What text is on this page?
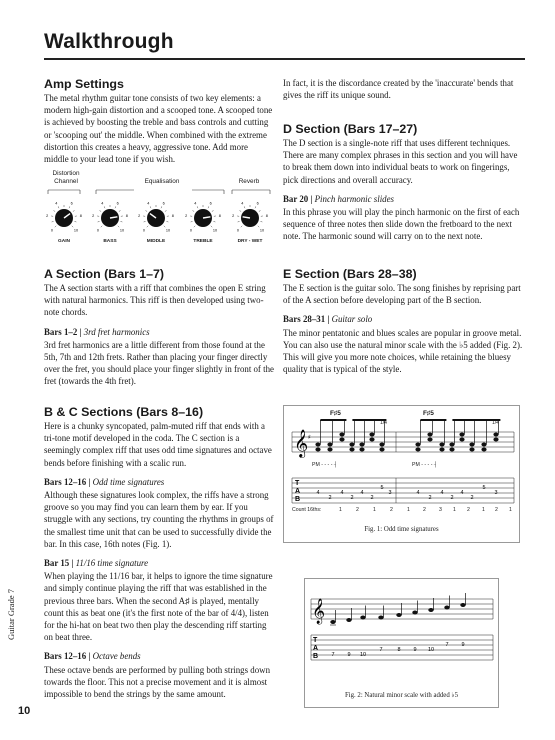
Walkthrough
Amp Settings

The metal rhythm guitar tone consists of two key elements: a modern high-gain distortion and a scooped tone. A scooped tone is achieved by boosting the treble and bass controls and cutting or 'scooping out' the middle. When combined with the extreme distortion this creates a heavy, aggressive tone. Add more middle to your lead tone if you wish.

Distortion
Channel	Equalisation	Reverb
0
2
4	6
8
10	0
2
4	6
8
10	0
2
4	6
8
10	0
2
4	6
8
10	0
2
4	6
8
10
GAIN	BASS	MIDDLE	TREBLE	DRY - WET
A Section (Bars 1–7)

The A section starts with a riff that combines the open E string with natural harmonics. This riff is then developed using two-note chords.

Bars 1–2 | 3rd fret harmonics

3rd fret harmonics are a little different from those found at the 5th, 7th and 12th frets. Rather than placing your finger directly over the fret, you should place your finger slightly in front of the fret (towards the 4th fret).

B & C Sections (Bars 8–16)

Here is a chunky syncopated, palm-muted riff that ends with a tri-tone motif developed in the coda. The C section is a seemingly complex riff that uses odd time signatures and octave bends before finishing with a scalic run.

Bars 12–16 | Odd time signatures

Although these signatures look complex, the riffs have a strong groove so you may find you can learn them by ear. If you struggle with any sections, try counting the rhythms in groups of the smallest time unit that can be used to successfully divide the bar. In this case, 16th notes (Fig. 1).

Bar 15 | 11/16 time signature

When playing the 11/16 bar, it helps to ignore the time signature and simply continue playing the riff that was established in the previous three bars. When the second A♯ is played, mentally count this as beat one (it's the first note of the bar of 4/4), listen for the hi-hat on beat two then play the descending riff starting on beat three.

Bars 12–16 | Octave bends

These octave bends are performed by pulling both strings down towards the floor. This not a precise movement and it is almost impossible to bend the strings by the same amount.

In fact, it is the discordance created by the 'inaccurate' bends that gives the riff its unique sound.

D Section (Bars 17–27)

The D section is a single-note riff that uses different techniques. There are many complex phrases in this section and you will have to break them down into individual beats to work on fingerings, pick directions and overall accuracy.

Bar 20 | Pinch harmonic slides

In this phrase you will play the pinch harmonic on the first of each sequence of three notes then slide down the fretboard to the next note. The harmonic sound will carry on to the next note.

E Section (Bars 28–38)

The E section is the guitar solo. The song finishes by reprising part of the A section before developing part of the B section.

Bars 28–31 | Guitar solo

The minor pentatonic and blues scales are popular in groove metal. You can also use the natural minor scale with the ♭5 added (Fig. 2). This will give you more note choices, while retaining the bluesy quality that is typical of the style.

𝄞 ♯
T
A
B
4
2
4
2
4
2
5
3	4
2
4
2
4
2
5
3
F♯5	F♯5
1/4	1/4
PM - - - - ┤	PM - - - - ┤
Count 16ths:	1	2	1	2	1	2	3 1 2 1 2 1
Fig. 1: Odd time signatures
𝄞
T
A
B 7 9 10
7	8 9 10
7 9
Fig. 2: Natural minor scale with added ♭5
Guitar Grade 7
10
